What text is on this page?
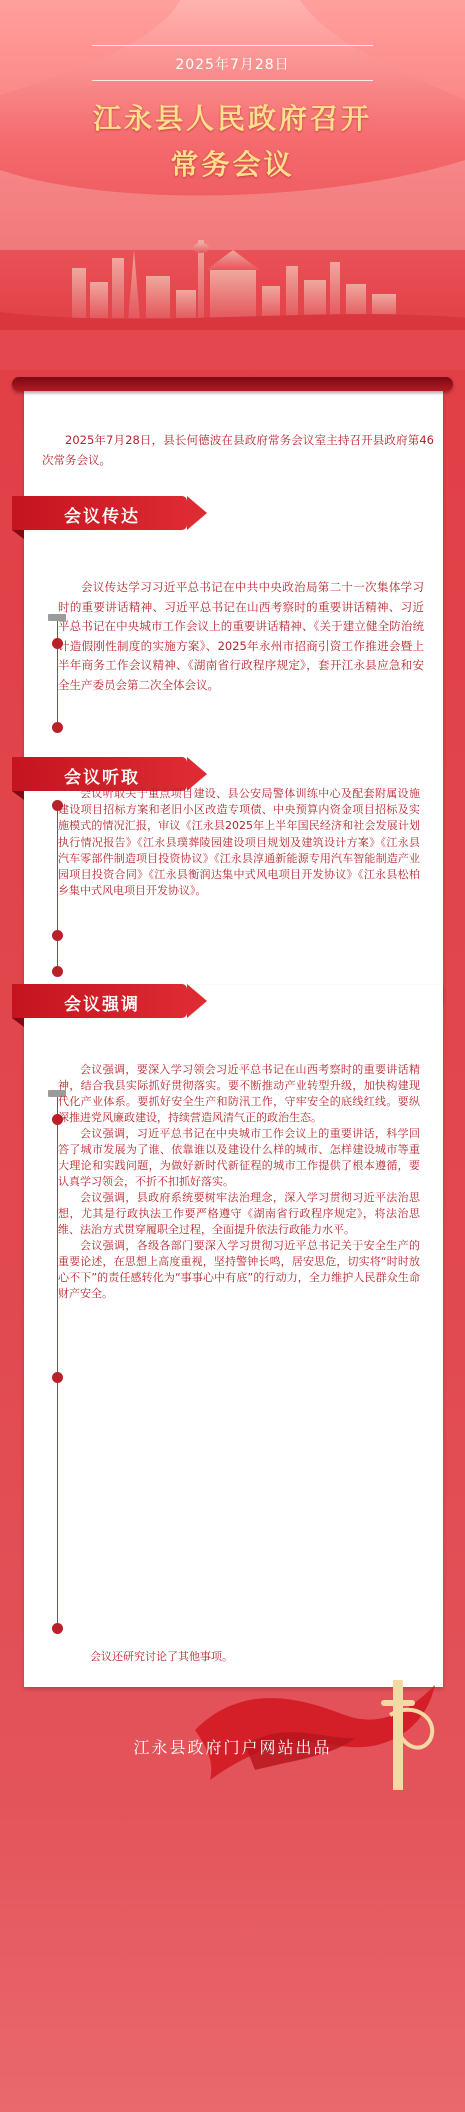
2025年7月28日
江永县人民政府召开
常务会议

2025年7月28日，县长何德波在县政府常务会议室主持召开县政府第46次常务会议。

会议传达

会议传达学习习近平总书记在中共中央政治局第二十一次集体学习时的重要讲话精神、习近平总书记在山西考察时的重要讲话精神、习近平总书记在中央城市工作会议上的重要讲话精神、《关于建立健全防治统计造假刚性制度的实施方案》、2025年永州市招商引资工作推进会暨上半年商务工作会议精神、《湖南省行政程序规定》，套开江永县应急和安全生产委员会第二次全体会议。

会议听取

会议听取关于重点项目建设、县公安局警体训练中心及配套附属设施建设项目招标方案和老旧小区改造专项债、中央预算内资金项目招标及实施模式的情况汇报，审议《江永县2025年上半年国民经济和社会发展计划执行情况报告》《江永县璞葬陵园建设项目规划及建筑设计方案》《江永县汽车零部件制造项目投资协议》《江永县淳通新能源专用汽车智能制造产业园项目投资合同》《江永县衡润达集中式风电项目开发协议》《江永县松柏乡集中式风电项目开发协议》。

会议强调

会议强调，要深入学习领会习近平总书记在山西考察时的重要讲话精神，结合我县实际抓好贯彻落实。要不断推动产业转型升级，加快构建现代化产业体系。要抓好安全生产和防汛工作，守牢安全的底线红线。要纵深推进党风廉政建设，持续营造风清气正的政治生态。

会议强调，习近平总书记在中央城市工作会议上的重要讲话，科学回答了城市发展为了谁、依靠谁以及建设什么样的城市、怎样建设城市等重大理论和实践问题，为做好新时代新征程的城市工作提供了根本遵循，要认真学习领会，不折不扣抓好落实。

会议强调，县政府系统要树牢法治理念，深入学习贯彻习近平法治思想，尤其是行政执法工作要严格遵守《湖南省行政程序规定》，将法治思维、法治方式贯穿履职全过程，全面提升依法行政能力水平。

会议强调，各级各部门要深入学习贯彻习近平总书记关于安全生产的重要论述，在思想上高度重视，坚持警钟长鸣，居安思危，切实将“时时放心不下”的责任感转化为“事事心中有底”的行动力，全力维护人民群众生命财产安全。

会议还研究讨论了其他事项。

江永县政府门户网站出品
